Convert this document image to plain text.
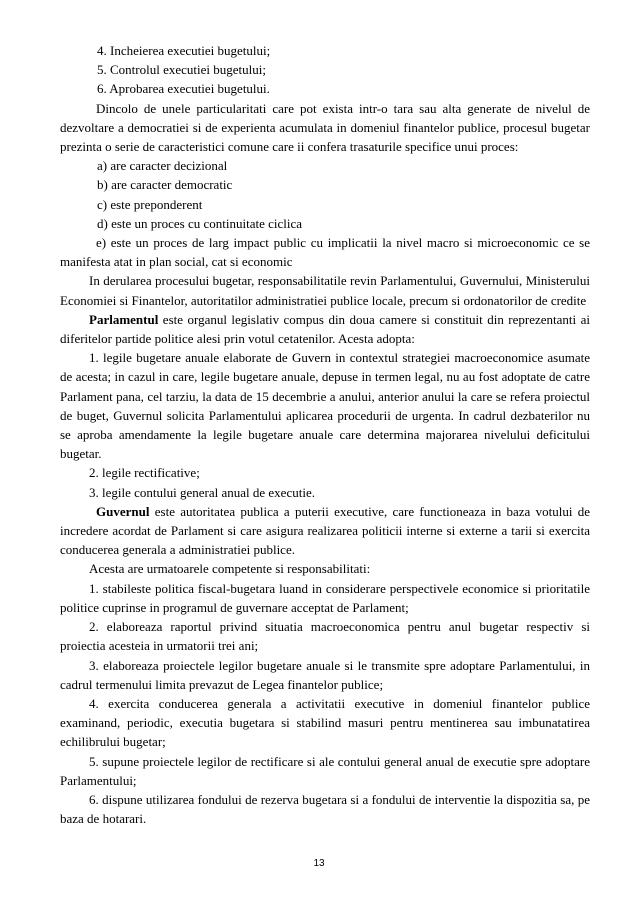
4. Incheierea executiei bugetului;

5. Controlul executiei bugetului;

6. Aprobarea executiei bugetului.

Dincolo de unele particularitati care pot exista intr-o tara sau alta generate de nivelul de dezvoltare a democratiei si de experienta acumulata in domeniul finantelor publice, procesul bugetar prezinta o serie de caracteristici comune care ii confera trasaturile specifice unui proces:

a) are caracter decizional

b) are caracter democratic

c) este preponderent

d) este un proces cu continuitate ciclica

e) este un proces de larg impact public cu implicatii la nivel macro si microeconomic ce se manifesta atat in plan social, cat si economic

In derularea procesului bugetar, responsabilitatile revin Parlamentului, Guvernului, Ministerului Economiei si Finantelor, autoritatilor administratiei publice locale, precum si ordonatorilor de credite

Parlamentul este organul legislativ compus din doua camere si constituit din reprezentanti ai diferitelor partide politice alesi prin votul cetatenilor. Acesta adopta:

1. legile bugetare anuale elaborate de Guvern in contextul strategiei macroeconomice asumate de acesta; in cazul in care, legile bugetare anuale, depuse in termen legal, nu au fost adoptate de catre Parlament pana, cel tarziu, la data de 15 decembrie a anului, anterior anului la care se refera proiectul de buget, Guvernul solicita Parlamentului aplicarea procedurii de urgenta. In cadrul dezbaterilor nu se aproba amendamente la legile bugetare anuale care determina majorarea nivelului deficitului bugetar.

2. legile rectificative;

3. legile contului general anual de executie.

Guvernul este autoritatea publica a puterii executive, care functioneaza in baza votului de incredere acordat de Parlament si care asigura realizarea politicii interne si externe a tarii si exercita conducerea generala a administratiei publice.

Acesta are urmatoarele competente si responsabilitati:

1. stabileste politica fiscal-bugetara luand in considerare perspectivele economice si prioritatile politice cuprinse in programul de guvernare acceptat de Parlament;

2. elaboreaza raportul privind situatia macroeconomica pentru anul bugetar respectiv si proiectia acesteia in urmatorii trei ani;

3. elaboreaza proiectele legilor bugetare anuale si le transmite spre adoptare Parlamentului, in cadrul termenului limita prevazut de Legea finantelor publice;

4. exercita conducerea generala a activitatii executive in domeniul finantelor publice examinand, periodic, executia bugetara si stabilind masuri pentru mentinerea sau imbunatatirea echilibrului bugetar;

5. supune proiectele legilor de rectificare si ale contului general anual de executie spre adoptare Parlamentului;

6. dispune utilizarea fondului de rezerva bugetara si a fondului de interventie la dispozitia sa, pe baza de hotarari.

13
